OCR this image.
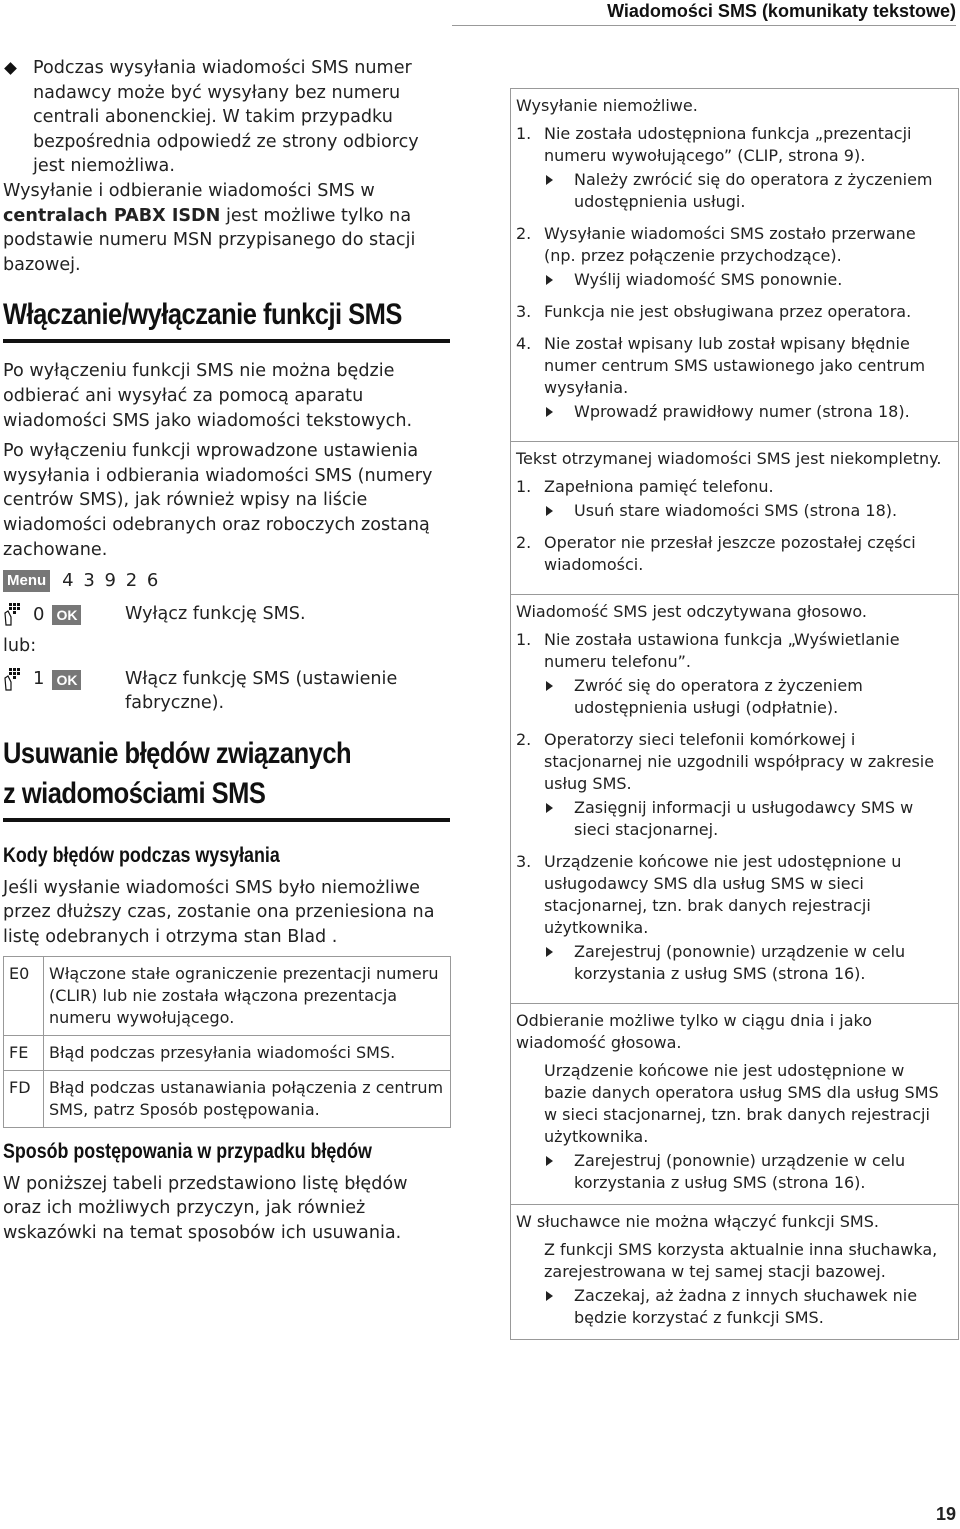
Wiadomości SMS (komunikaty tekstowe)

Podczas wysyłania wiadomości SMS numer nadawcy może być wysyłany bez numeru centrali abonenckiej. W takim przypadku bezpośrednia odpowiedź ze strony odbiorcy jest niemożliwa.

Wysyłanie i odbieranie wiadomości SMS w centralach PABX ISDN jest możliwe tylko na podstawie numeru MSN przypisanego do stacji bazowej.

Włączanie/wyłączanie funkcji SMS

Po wyłączeniu funkcji SMS nie można będzie odbierać ani wysyłać za pomocą aparatu wiadomości SMS jako wiadomości tekstowych.

Po wyłączeniu funkcji wprowadzone ustawienia wysyłania i odbierania wiadomości SMS (numery centrów SMS), jak również wpisy na liście wiadomości odebranych oraz roboczych zostaną zachowane.

Menu 4 3 9 2 6
0 OK	Wyłącz funkcję SMS.
lub:
1 OK	Włącz funkcję SMS (ustawienie fabryczne).
Usuwanie błędów związanych
z wiadomościami SMS
Kody błędów podczas wysyłania

Jeśli wysłanie wiadomości SMS było niemożliwe przez dłuższy czas, zostanie ona przeniesiona na listę odebranych i otrzyma stan Blad .

E0	Włączone stałe ograniczenie prezentacji numeru (CLIR) lub nie została włączona prezentacja numeru wywołującego.
FE	Błąd podczas przesyłania wiadomości SMS.
FD	Błąd podczas ustanawiania połączenia z centrum SMS, patrz Sposób postępowania.
Sposób postępowania w przypadku błędów

W poniższej tabeli przedstawiono listę błędów oraz ich możliwych przyczyn, jak również wskazówki na temat sposobów ich usuwania.

Wysyłanie niemożliwe.
1. Nie została udostępniona funkcja „prezentacji numeru wywołującego” (CLIP, strona 9).
Należy zwrócić się do operatora z życzeniem udostępnienia usługi.
2. Wysyłanie wiadomości SMS zostało przerwane (np. przez połączenie przychodzące).
Wyślij wiadomość SMS ponownie.
3. Funkcja nie jest obsługiwana przez operatora.
4. Nie został wpisany lub został wpisany błędnie numer centrum SMS ustawionego jako centrum wysyłania.
Wprowadź prawidłowy numer (strona 18).
Tekst otrzymanej wiadomości SMS jest niekompletny.
1. Zapełniona pamięć telefonu.
Usuń stare wiadomości SMS (strona 18).
2. Operator nie przesłał jeszcze pozostałej części wiadomości.
Wiadomość SMS jest odczytywana głosowo.
1. Nie została ustawiona funkcja „Wyświetlanie numeru telefonu”.
Zwróć się do operatora z życzeniem udostępnienia usługi (odpłatnie).
2. Operatorzy sieci telefonii komórkowej i stacjonarnej nie uzgodnili współpracy w zakresie usług SMS.
Zasięgnij informacji u usługodawcy SMS w sieci stacjonarnej.
3. Urządzenie końcowe nie jest udostępnione u usługodawcy SMS dla usług SMS w sieci stacjonarnej, tzn. brak danych rejestracji użytkownika.
Zarejestruj (ponownie) urządzenie w celu korzystania z usług SMS (strona 16).
Odbieranie możliwe tylko w ciągu dnia i jako wiadomość głosowa.
Urządzenie końcowe nie jest udostępnione w bazie danych operatora usług SMS dla usług SMS w sieci stacjonarnej, tzn. brak danych rejestracji użytkownika.
Zarejestruj (ponownie) urządzenie w celu korzystania z usług SMS (strona 16).
W słuchawce nie można włączyć funkcji SMS.
Z funkcji SMS korzysta aktualnie inna słuchawka, zarejestrowana w tej samej stacji bazowej.
Zaczekaj, aż żadna z innych słuchawek nie będzie korzystać z funkcji SMS.
19
